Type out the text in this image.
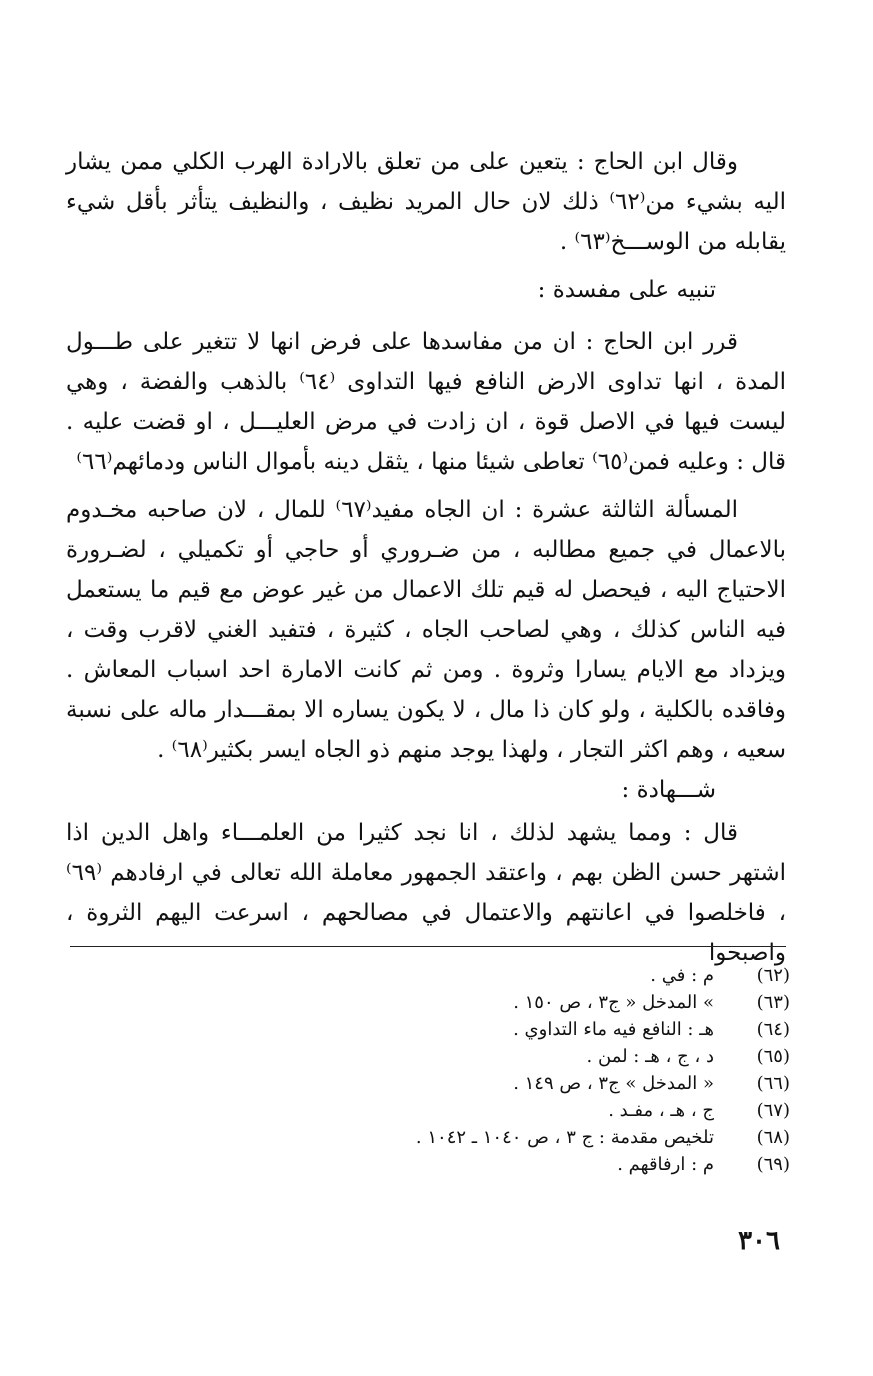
وقال ابن الحاج : يتعين على من تعلق بالارادة الهرب الكلي ممن يشار اليه بشيء من⁽٦٢⁾ ذلك لان حال المريد نظيف ، والنظيف يتأثر بأقل شيء يقابله من الوســـخ⁽٦٣⁾ .

تنبيه على مفسدة :

قرر ابن الحاج : ان من مفاسدها على فرض انها لا تتغير على طـــول المدة ، انها تداوى الارض النافع فيها التداوى ⁽٦٤⁾ بالذهب والفضة ، وهي ليست فيها في الاصل قوة ، ان زادت في مرض العليـــل ، او قضت عليه . قال : وعليه فمن⁽٦٥⁾ تعاطى شيئا منها ، يثقل دينه بأموال الناس ودمائهم⁽٦٦⁾

المسألة الثالثة عشرة : ان الجاه مفيد⁽٦٧⁾ للمال ، لان صاحبه مخـدوم بالاعمال في جميع مطالبه ، من ضـروري أو حاجي أو تكميلي ، لضـرورة الاحتياج اليه ، فيحصل له قيم تلك الاعمال من غير عوض مع قيم ما يستعمل فيه الناس كذلك ، وهي لصاحب الجاه ، كثيرة ، فتفيد الغني لاقرب وقت ، ويزداد مع الايام يسارا وثروة . ومن ثم كانت الامارة احد اسباب المعاش . وفاقده بالكلية ، ولو كان ذا مال ، لا يكون يساره الا بمقـــدار ماله على نسبة سعيه ، وهم اكثر التجار ، ولهذا يوجد منهم ذو الجاه ايسر بكثير⁽٦٨⁾ .

شـــهادة :

قال : ومما يشهد لذلك ، انا نجد كثيرا من العلمـــاء واهل الدين اذا اشتهر حسن الظن بهم ، واعتقد الجمهور معاملة الله تعالى في ارفادهم ⁽٦٩⁾ ، فاخلصوا في اعانتهم والاعتمال في مصالحهم ، اسرعت اليهم الثروة ، واصبحوا

(٦٢)
م : في .
(٦٣)
» المدخل « ج٣ ، ص ١٥٠ .
(٦٤)
هـ : النافع فيه ماء التداوي .
(٦٥)
د ، ج ، هـ : لمن .
(٦٦)
« المدخل » ج٣ ، ص ١٤٩ .
(٦٧)
ج ، هـ ، مفـد .
(٦٨)
تلخيص مقدمة : ج ٣ ، ص ١٠٤٠ ـ ١٠٤٢ .
(٦٩)
م : ارفاقهم .
٣٠٦
